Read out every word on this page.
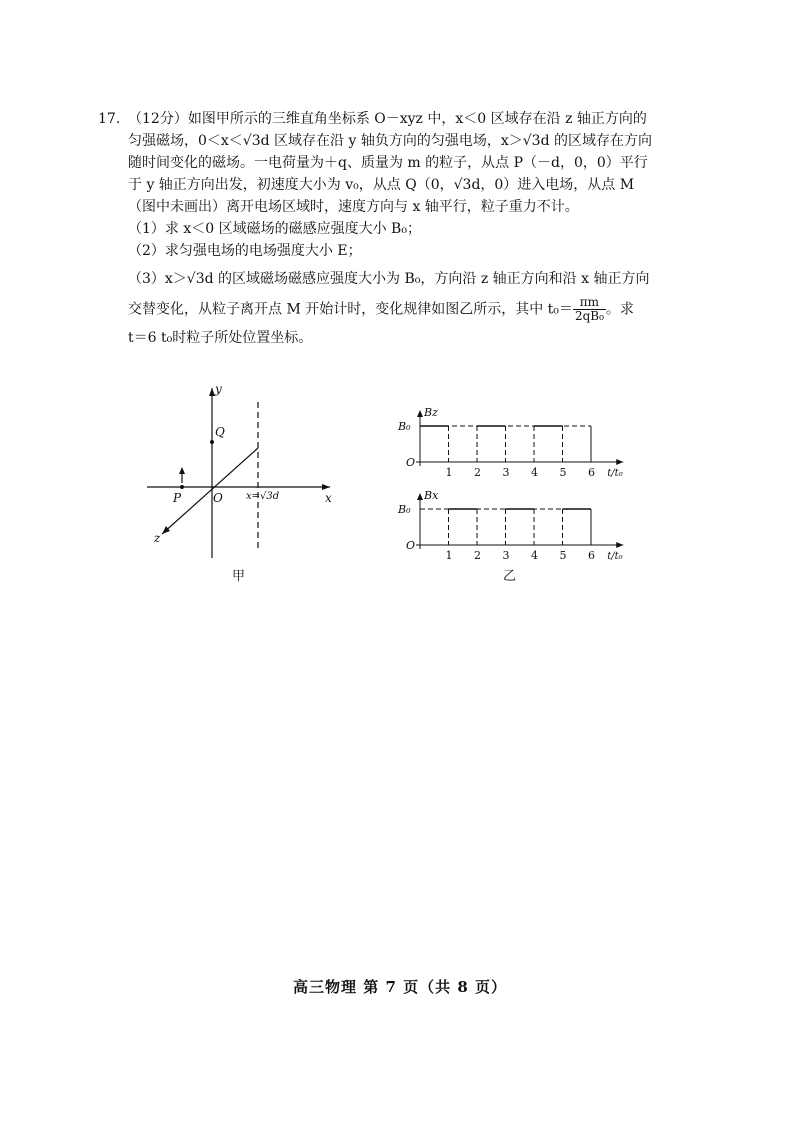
17. （12分）如图甲所示的三维直角坐标系 O－xyz 中，x＜0 区域存在沿 z 轴正方向的
匀强磁场，0＜x＜√3d 区域存在沿 y 轴负方向的匀强电场，x＞√3d 的区域存在方向
随时间变化的磁场。一电荷量为＋q、质量为 m 的粒子，从点 P（－d，0，0）平行
于 y 轴正方向出发，初速度大小为 v₀，从点 Q（0，√3d，0）进入电场，从点 M
（图中未画出）离开电场区域时，速度方向与 x 轴平行，粒子重力不计。
（1）求 x＜0 区域磁场的磁感应强度大小 B₀；
（2）求匀强电场的电场强度大小 E；
（3）x＞√3d 的区域磁场磁感应强度大小为 B₀，方向沿 z 轴正方向和沿 x 轴正方向
交替变化，从粒子离开点 M 开始计时，变化规律如图乙所示，其中 $t_0= \frac{\pi m}{\text{2qB₀}}$ 。求
t＝6 t₀时粒子所处位置坐标。
y
x
z
O
P
Q
x=√3d
甲
Bz
B₀
O
t/t₀
1 2 3 4 5 6
Bx
B₀
O
t/t₀
1 2 3 4 5 6
乙
高三物理 第 7 页（共 8 页）
